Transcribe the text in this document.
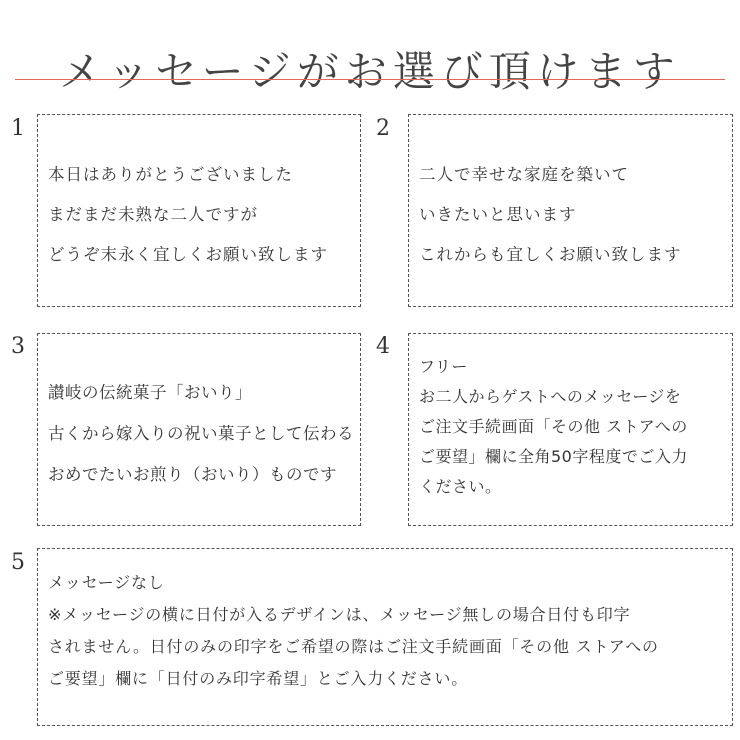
メッセージがお選び頂けます
1
本日はありがとうございました
まだまだ未熟な二人ですが
どうぞ末永く宜しくお願い致します
2
二人で幸せな家庭を築いて
いきたいと思います
これからも宜しくお願い致します
3
讃岐の伝統菓子「おいり」
古くから嫁入りの祝い菓子として伝わる
おめでたいお煎り（おいり）ものです
4
フリー
お二人からゲストへのメッセージを
ご注文手続画面「その他 ストアへの
ご要望」欄に全角50字程度でご入力
ください。
5
メッセージなし
※メッセージの横に日付が入るデザインは、メッセージ無しの場合日付も印字
されません。日付のみの印字をご希望の際はご注文手続画面「その他 ストアへの
ご要望」欄に「日付のみ印字希望」とご入力ください。
